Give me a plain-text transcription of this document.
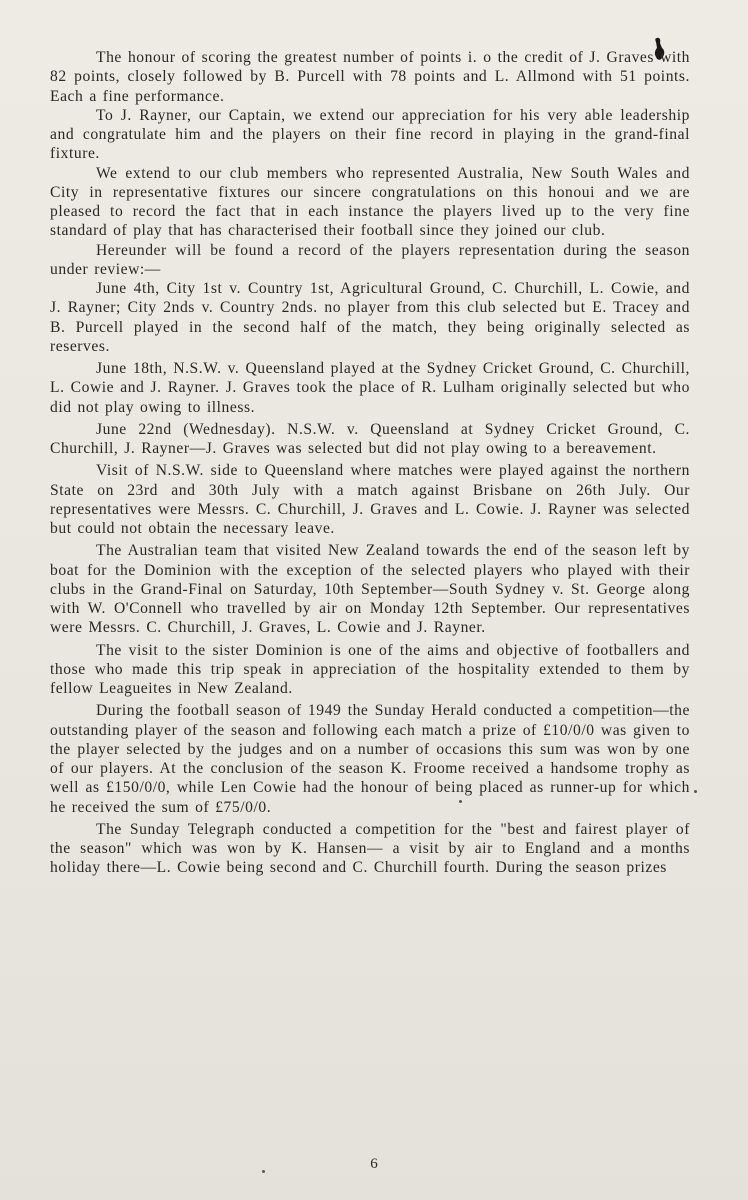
The honour of scoring the greatest number of points i. o the credit of J. Graves with 82 points, closely followed by B. Purcell with 78 points and L. Allmond with 51 points. Each a fine performance.

To J. Rayner, our Captain, we extend our appreciation for his very able leadership and congratulate him and the players on their fine record in playing in the grand-final fixture.

We extend to our club members who represented Australia, New South Wales and City in representative fixtures our sincere congratulations on this honoui and we are pleased to record the fact that in each instance the players lived up to the very fine standard of play that has characterised their football since they joined our club.

Hereunder will be found a record of the players representation during the season under review:—

June 4th, City 1st v. Country 1st, Agricultural Ground, C. Churchill, L. Cowie, and J. Rayner; City 2nds v. Country 2nds. no player from this club selected but E. Tracey and B. Purcell played in the second half of the match, they being originally selected as reserves.

June 18th, N.S.W. v. Queensland played at the Sydney Cricket Ground, C. Churchill, L. Cowie and J. Rayner. J. Graves took the place of R. Lulham originally selected but who did not play owing to illness.

June 22nd (Wednesday). N.S.W. v. Queensland at Sydney Cricket Ground, C. Churchill, J. Rayner—J. Graves was selected but did not play owing to a bereavement.

Visit of N.S.W. side to Queensland where matches were played against the northern State on 23rd and 30th July with a match against Brisbane on 26th July. Our representatives were Messrs. C. Churchill, J. Graves and L. Cowie. J. Rayner was selected but could not obtain the necessary leave.

The Australian team that visited New Zealand towards the end of the season left by boat for the Dominion with the exception of the selected players who played with their clubs in the Grand-Final on Saturday, 10th September—South Sydney v. St. George along with W. O'Connell who travelled by air on Monday 12th September. Our representatives were Messrs. C. Churchill, J. Graves, L. Cowie and J. Rayner.

The visit to the sister Dominion is one of the aims and objective of footballers and those who made this trip speak in appreciation of the hospitality extended to them by fellow Leagueites in New Zealand.

During the football season of 1949 the Sunday Herald conducted a competition—the outstanding player of the season and following each match a prize of £10/0/0 was given to the player selected by the judges and on a number of occasions this sum was won by one of our players. At the conclusion of the season K. Froome received a handsome trophy as well as £150/0/0, while Len Cowie had the honour of being placed as runner-up for which he received the sum of £75/0/0.

The Sunday Telegraph conducted a competition for the "best and fairest player of the season" which was won by K. Hansen— a visit by air to England and a months holiday there—L. Cowie being second and C. Churchill fourth. During the season prizes

6
